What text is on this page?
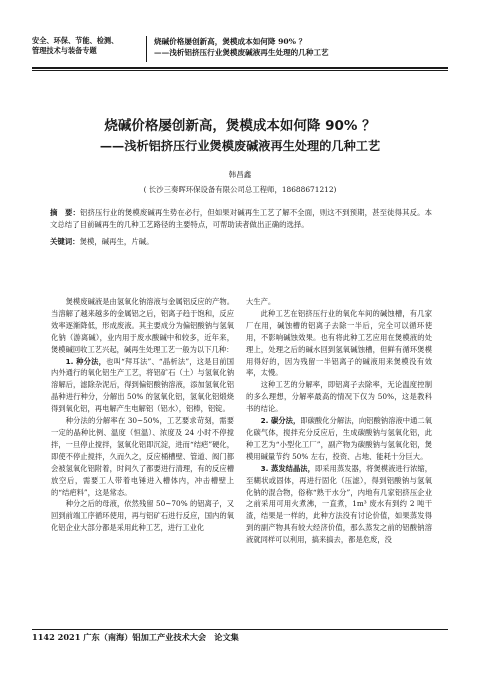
安全、环保、节能、检测、
管理技术与装备专题
烧碱价格屡创新高，煲模成本如何降 90% ？
——浅析铝挤压行业煲模废碱液再生处理的几种工艺
烧碱价格屡创新高，煲模成本如何降 90% ？
——浅析铝挤压行业煲模废碱液再生处理的几种工艺
韩昌鑫
( 长沙三奏晖环保设备有限公司总工程师，18688671212)
摘　要：铝挤压行业的煲模废碱再生势在必行，但如果对碱再生工艺了解不全面，则这不到预期，甚至徒得其反。本文总结了目前碱再生的几种工艺路径的主要特点，可帮助读者做出正确的选择。
关键词：煲模，碱再生，片碱。

煲模废碱液是由氢氧化钠溶液与金属铝反应的产物。当溶解了越来越多的金属铝之后，铝离子趋于饱和，反应效率逐渐降低，形成废液。其主要成分为偏铝酸钠与氢氧化钠（游离碱），业内用于废水酸碱中和较多，近年来，煲模碱回收工艺兴起，碱再生处理工艺一般为以下几种：

1. 种分法，也叫“拜耳法”、“晶析法”，这是目前国内外通行的氧化铝生产工艺，将铝矿石（土）与氢氧化钠溶解后，滤除杂泥后，得到偏铝酸钠溶液，添加氢氧化铝晶种进行种分，分解出 50% 的氢氧化铝，氢氧化铝煅烧得到氧化铝，再电解产生电解铝（铝水），铝棒，铝锭。

种分法的分解率在 30~50%，工艺要求苛刻，需要一定的晶种比例、温度（恒温）、浓度及 24 小时不停搅拌，一旦停止搅拌，氢氧化铝即沉淀，进而“结疤”硬化，即使不停止搅拌，久而久之，反应桶槽壁、管道、阀门都会被氢氧化铝附着，时间久了都要进行清理，有的反应槽放空后，需要工人带着电锤进入槽体内，冲击槽壁上的“结疤料”，这是常态。

种分之后的母液，依然残留 50~70% 的铝离子，又回到前端工序循环使用，再与铝矿石进行反应，国内的氧化铝企业大部分都是采用此种工艺，进行工业化

大生产。

此种工艺在铝挤压行业的氧化车间的碱蚀槽，有几家厂在用，碱蚀槽的铝离子去除一半后，完全可以循环使用，不影响碱蚀效果。也有将此种工艺应用在煲模液的处理上，处理之后的碱水回到氢氧碱蚀槽，但鲜有循环煲模用得好的，因为残留一半铝离子的碱液用来煲模没有效率，太慢。

这种工艺的分解率，即铝离子去除率，无论温度控制的多么理想，分解率最高的情况下仅为 50%，这是教科书的结论。

2. 碳分法，即碳酸化分解法，向铝酸钠溶液中通二氧化碳气体，搅拌充分反应后，生成碳酸钠与氢氧化铝，此种工艺为“小型化工厂”，副产物为碳酸钠与氢氧化铝，煲模用碱量节约 50% 左右，投资、占地、能耗十分巨大。

3. 蒸发结晶法，即采用蒸发器，将煲模液进行浓缩，至糊状或固体，再进行固化（压滤），得到铝酸钠与氢氧化钠的混合物，俗称“熟干水分”，内地有几家铝挤压企业之前采用可用火煮沸，一直煮，1m³ 废水有到约 2 吨干渣，结果是一样的，此种方法没有讨论价值，如果蒸发得到的副产物具有较大经济价值，那么蒸发之前的铝酸钠溶液就同样可以利用，搞来搞去，都是危废，没

1142 2021 广东（南海）铝加工产业技术大会　论文集
